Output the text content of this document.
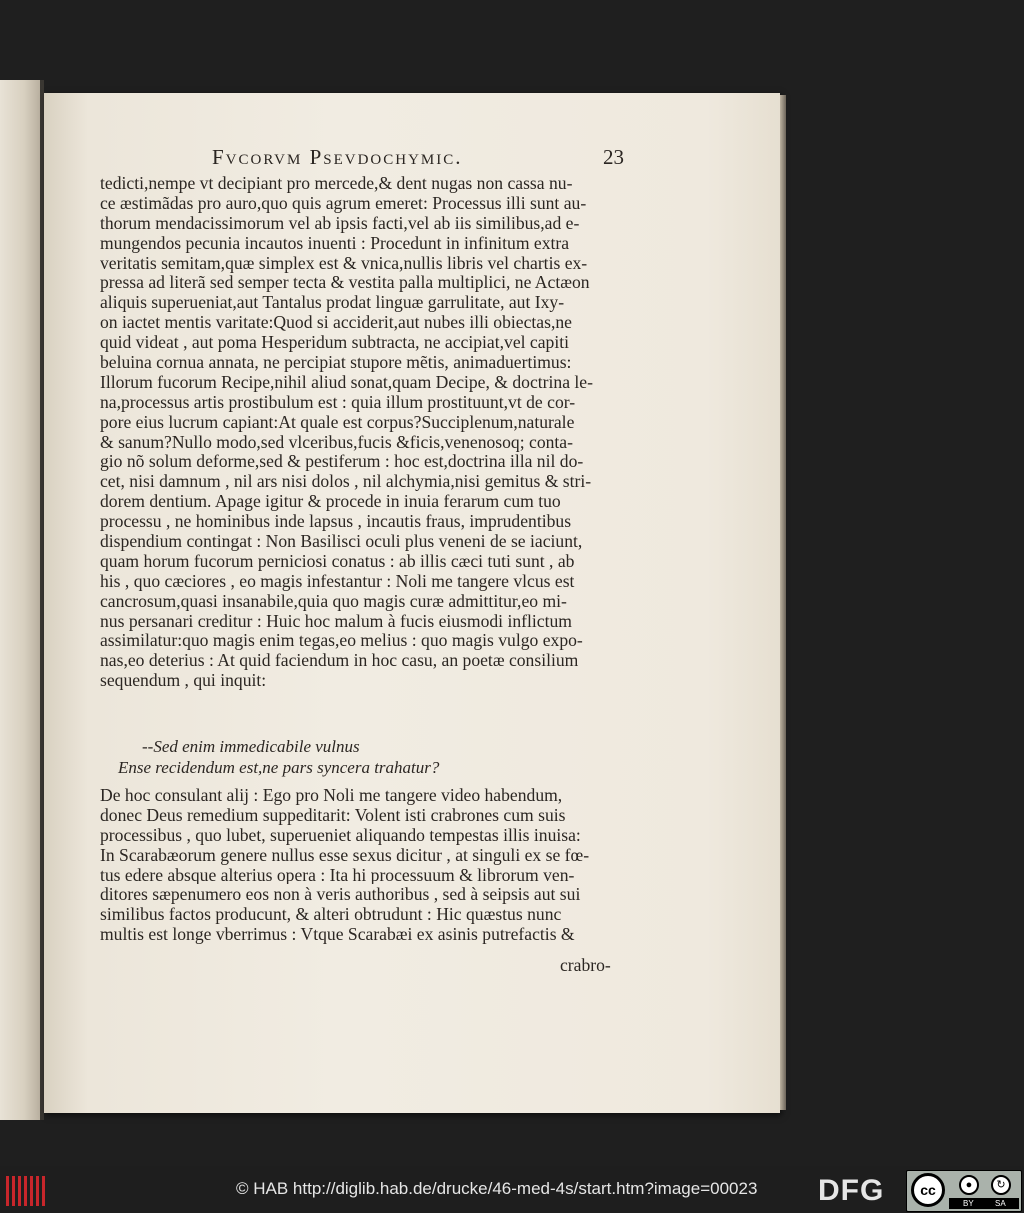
Fvcorvm Psevdochymic.	23
tedicti,nempe vt decipiant pro mercede,& dent nugas non cassa nu-
ce æstimãdas pro auro,quo quis agrum emeret: Processus illi sunt au-
thorum mendacissimorum vel ab ipsis facti,vel ab iis similibus,ad e-
mungendos pecunia incautos inuenti : Procedunt in infinitum extra
veritatis semitam,quæ simplex est & vnica,nullis libris vel chartis ex-
pressa ad literã sed semper tecta & vestita palla multiplici, ne Actæon
aliquis superueniat,aut Tantalus prodat linguæ garrulitate, aut Ixy-
on iactet mentis varitate:Quod si acciderit,aut nubes illi obiectas,ne
quid videat , aut poma Hesperidum subtracta, ne accipiat,vel capiti
beluina cornua annata, ne percipiat stupore mẽtis, animaduertimus:
Illorum fucorum Recipe,nihil aliud sonat,quam Decipe, & doctrina le-
na,processus artis prostibulum est : quia illum prostituunt,vt de cor-
pore eius lucrum capiant:At quale est corpus?Succiplenum,naturale
& sanum?Nullo modo,sed vlceribus,fucis &ficis,venenosoq; conta-
gio nõ solum deforme,sed & pestiferum : hoc est,doctrina illa nil do-
cet, nisi damnum , nil ars nisi dolos , nil alchymia,nisi gemitus & stri-
dorem dentium. Apage igitur & procede in inuia ferarum cum tuo
processu , ne hominibus inde lapsus , incautis fraus, imprudentibus
dispendium contingat : Non Basilisci oculi plus veneni de se iaciunt,
quam horum fucorum perniciosi conatus : ab illis cæci tuti sunt , ab
his , quo cæciores , eo magis infestantur : Noli me tangere vlcus est
cancrosum,quasi insanabile,quia quo magis curæ admittitur,eo mi-
nus persanari creditur : Huic hoc malum à fucis eiusmodi inflictum
assimilatur:quo magis enim tegas,eo melius : quo magis vulgo expo-
nas,eo deterius : At quid faciendum in hoc casu, an poetæ consilium
sequendum , qui inquit:
--Sed enim immedicabile vulnus
Ense recidendum est,ne pars syncera trahatur?
De hoc consulant alij : Ego pro Noli me tangere video habendum,
donec Deus remedium suppeditarit: Volent isti crabrones cum suis
processibus , quo lubet, superueniet aliquando tempestas illis inuisa:
In Scarabæorum genere nullus esse sexus dicitur , at singuli ex se fœ-
tus edere absque alterius opera : Ita hi processuum & librorum ven-
ditores sæpenumero eos non à veris authoribus , sed à seipsis aut sui
similibus factos producunt, & alteri obtrudunt : Hic quæstus nunc
multis est longe vberrimus : Vtque Scarabæi ex asinis putrefactis &
crabro-
© HAB http://diglib.hab.de/drucke/46-med-4s/start.htm?image=00023 DFG	cc	●	↻
BY	SA
